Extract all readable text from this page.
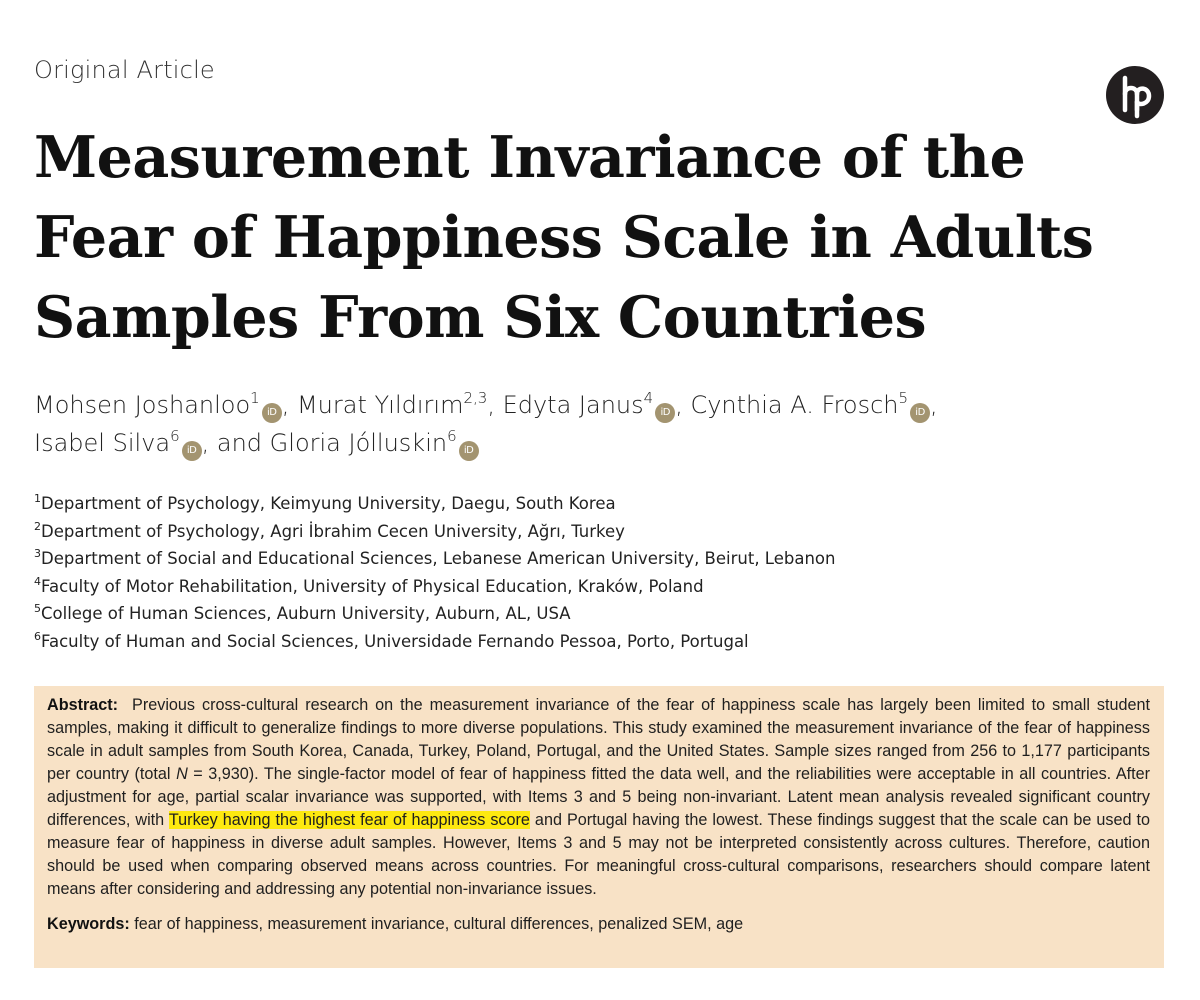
Original Article
Measurement Invariance of the
Fear of Happiness Scale in Adults
Samples From Six Countries
Mohsen Joshanloo$^1$iD , Murat Yıldırım$^{2,3}$, Edyta Janus$^4$iD , Cynthia A. Frosch$^5$iD ,
Isabel Silva$^6$iD , and Gloria Jólluskin$^6$iD
$^1$Department of Psychology, Keimyung University, Daegu, South Korea
$^2$Department of Psychology, Agri İbrahim Cecen University, Ağrı, Turkey
$^3$Department of Social and Educational Sciences, Lebanese American University, Beirut, Lebanon
$^4$Faculty of Motor Rehabilitation, University of Physical Education, Kraków, Poland
$^5$College of Human Sciences, Auburn University, Auburn, AL, USA
$^6$Faculty of Human and Social Sciences, Universidade Fernando Pessoa, Porto, Portugal

Abstract: Previous cross-cultural research on the measurement invariance of the fear of happiness scale has largely been limited to small student samples, making it difficult to generalize findings to more diverse populations. This study examined the measurement invariance of the fear of happiness scale in adult samples from South Korea, Canada, Turkey, Poland, Portugal, and the United States. Sample sizes ranged from 256 to 1,177 participants per country (total N = 3,930). The single-factor model of fear of happiness fitted the data well, and the reliabilities were acceptable in all countries. After adjustment for age, partial scalar invariance was supported, with Items 3 and 5 being non-invariant. Latent mean analysis revealed significant country differences, with Turkey having the highest fear of happiness score and Portugal having the lowest. These findings suggest that the scale can be used to measure fear of happiness in diverse adult samples. However, Items 3 and 5 may not be interpreted consistently across cultures. Therefore, caution should be used when comparing observed means across countries. For meaningful cross-cultural comparisons, researchers should compare latent means after considering and addressing any potential non-invariance issues.

Keywords: fear of happiness, measurement invariance, cultural differences, penalized SEM, age
